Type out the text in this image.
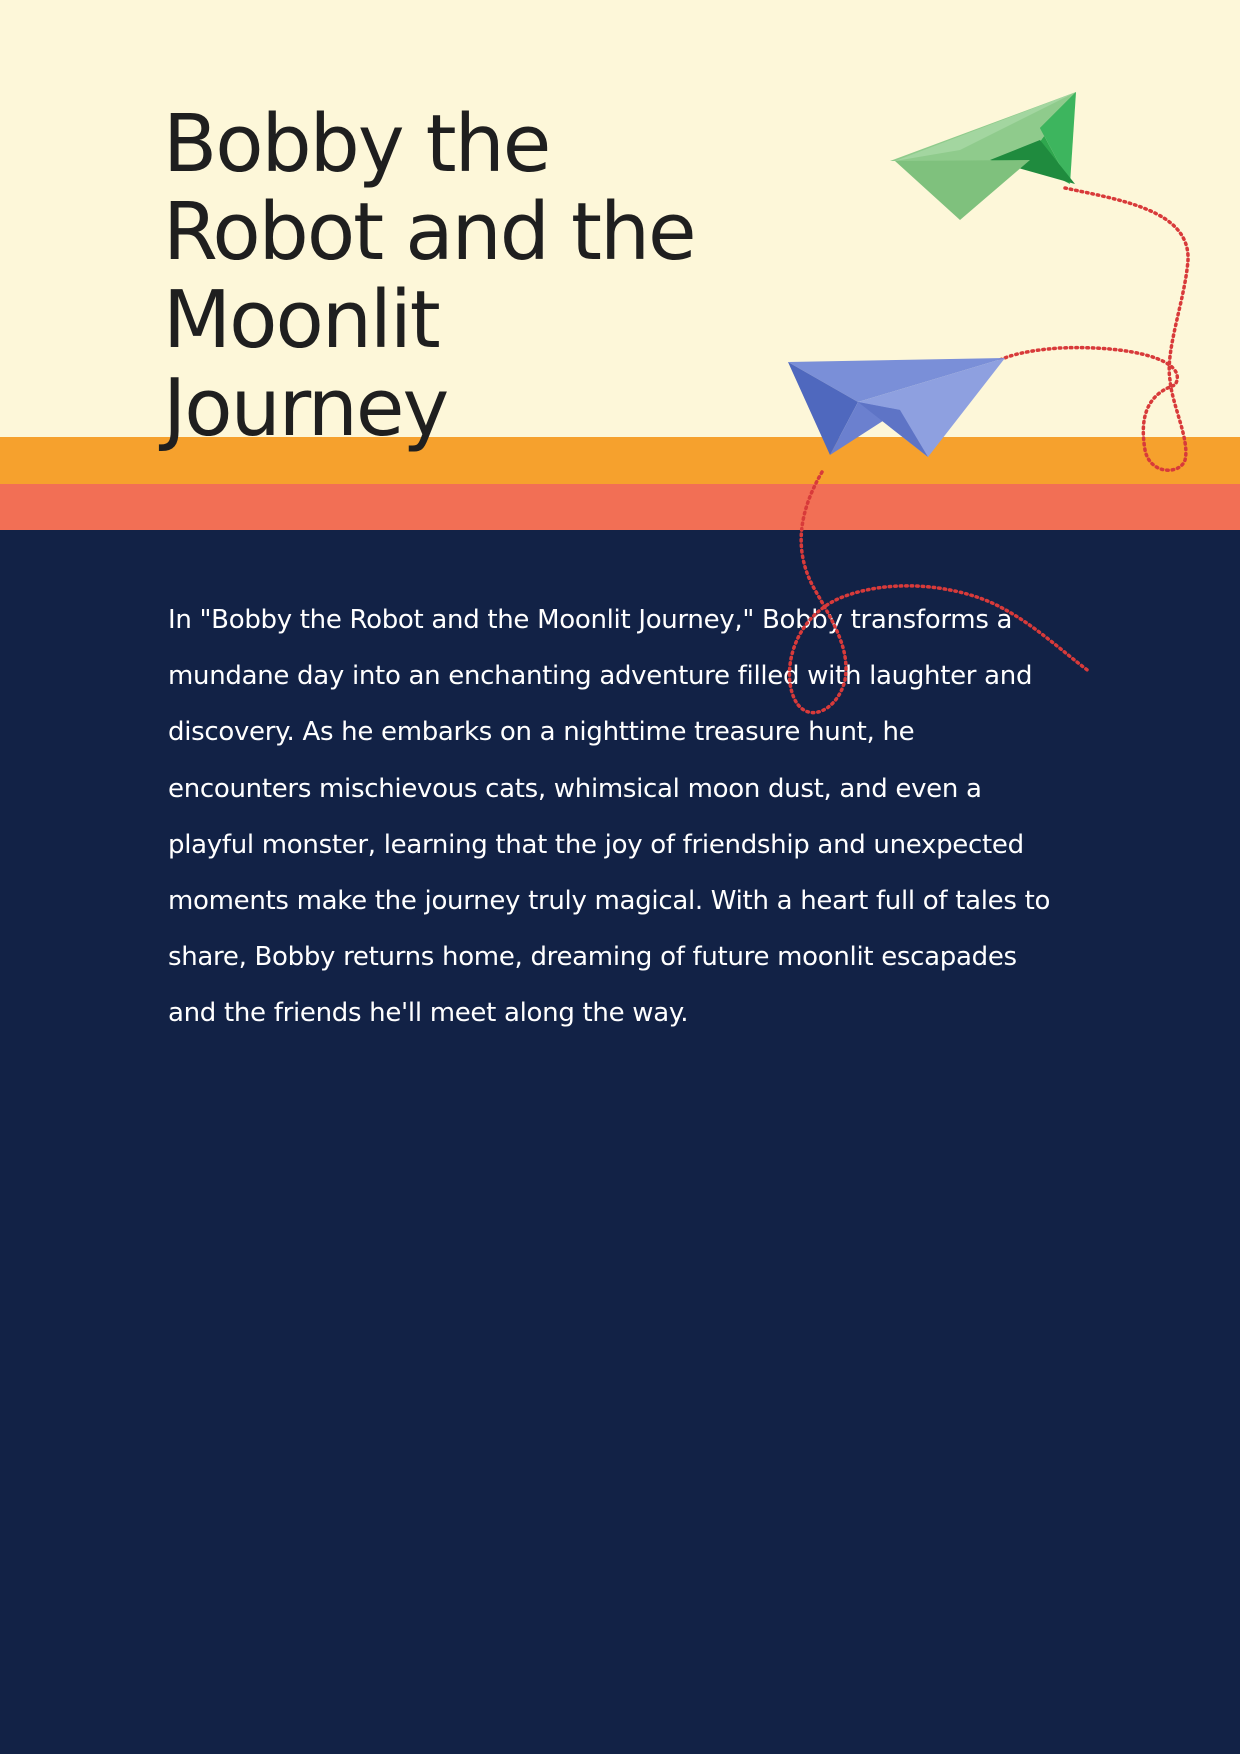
Bobby the
Robot and the
Moonlit
Journey
In "Bobby the Robot and the Moonlit Journey," Bobby transforms a
mundane day into an enchanting adventure filled with laughter and
discovery. As he embarks on a nighttime treasure hunt, he
encounters mischievous cats, whimsical moon dust, and even a
playful monster, learning that the joy of friendship and unexpected
moments make the journey truly magical. With a heart full of tales to
share, Bobby returns home, dreaming of future moonlit escapades
and the friends he'll meet along the way.
